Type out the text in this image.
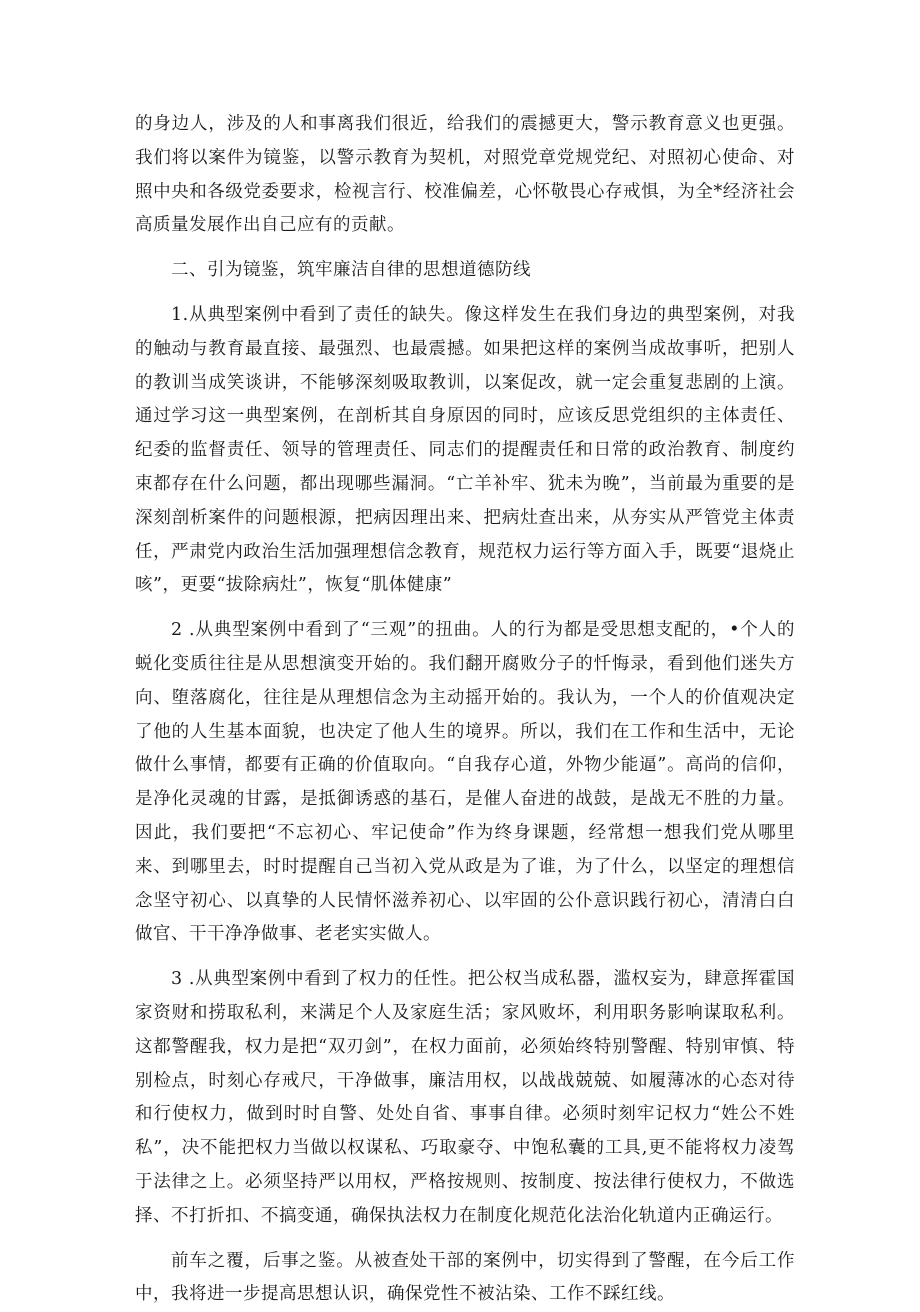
的身边人，涉及的人和事离我们很近，给我们的震撼更大，警示教育意义也更强。我们将以案件为镜鉴，以警示教育为契机，对照党章党规党纪、对照初心使命、对照中央和各级党委要求，检视言行、校准偏差，心怀敬畏心存戒惧，为全*经济社会高质量发展作出自己应有的贡献。

二、引为镜鉴，筑牢廉洁自律的思想道德防线

1.从典型案例中看到了责任的缺失。像这样发生在我们身边的典型案例，对我的触动与教育最直接、最强烈、也最震撼。如果把这样的案例当成故事听，把别人的教训当成笑谈讲，不能够深刻吸取教训，以案促改，就一定会重复悲剧的上演。通过学习这一典型案例，在剖析其自身原因的同时，应该反思党组织的主体责任、纪委的监督责任、领导的管理责任、同志们的提醒责任和日常的政治教育、制度约束都存在什么问题，都出现哪些漏洞。“亡羊补牢、犹未为晚”，当前最为重要的是深刻剖析案件的问题根源，把病因理出来、把病灶查出来，从夯实从严管党主体责任，严肃党内政治生活加强理想信念教育，规范权力运行等方面入手，既要“退烧止咳”，更要“拔除病灶”，恢复“肌体健康”

2 .从典型案例中看到了“三观”的扭曲。人的行为都是受思想支配的，•个人的蜕化变质往往是从思想演变开始的。我们翻开腐败分子的忏悔录，看到他们迷失方向、堕落腐化，往往是从理想信念为主动摇开始的。我认为，一个人的价值观决定了他的人生基本面貌，也决定了他人生的境界。所以，我们在工作和生活中，无论做什么事情，都要有正确的价值取向。“自我存心道，外物少能逼”。高尚的信仰，是净化灵魂的甘露，是抵御诱惑的基石，是催人奋进的战鼓，是战无不胜的力量。因此，我们要把“不忘初心、牢记使命”作为终身课题，经常想一想我们党从哪里来、到哪里去，时时提醒自己当初入党从政是为了谁，为了什么，以坚定的理想信念坚守初心、以真挚的人民情怀滋养初心、以牢固的公仆意识践行初心，清清白白做官、干干净净做事、老老实实做人。

3 .从典型案例中看到了权力的任性。把公权当成私器，滥权妄为，肆意挥霍国家资财和捞取私利，来满足个人及家庭生活；家风败坏，利用职务影响谋取私利。这都警醒我，权力是把“双刃剑”，在权力面前，必须始终特别警醒、特别审慎、特别检点，时刻心存戒尺，干净做事，廉洁用权，以战战兢兢、如履薄冰的心态对待和行使权力，做到时时自警、处处自省、事事自律。必须时刻牢记权力“姓公不姓私”，决不能把权力当做以权谋私、巧取豪夺、中饱私囊的工具,更不能将权力凌驾于法律之上。必须坚持严以用权，严格按规则、按制度、按法律行使权力，不做选择、不打折扣、不搞变通，确保执法权力在制度化规范化法治化轨道内正确运行。

前车之覆，后事之鉴。从被查处干部的案例中，切实得到了警醒，在今后工作中，我将进一步提高思想认识，确保党性不被沾染、工作不踩红线。
